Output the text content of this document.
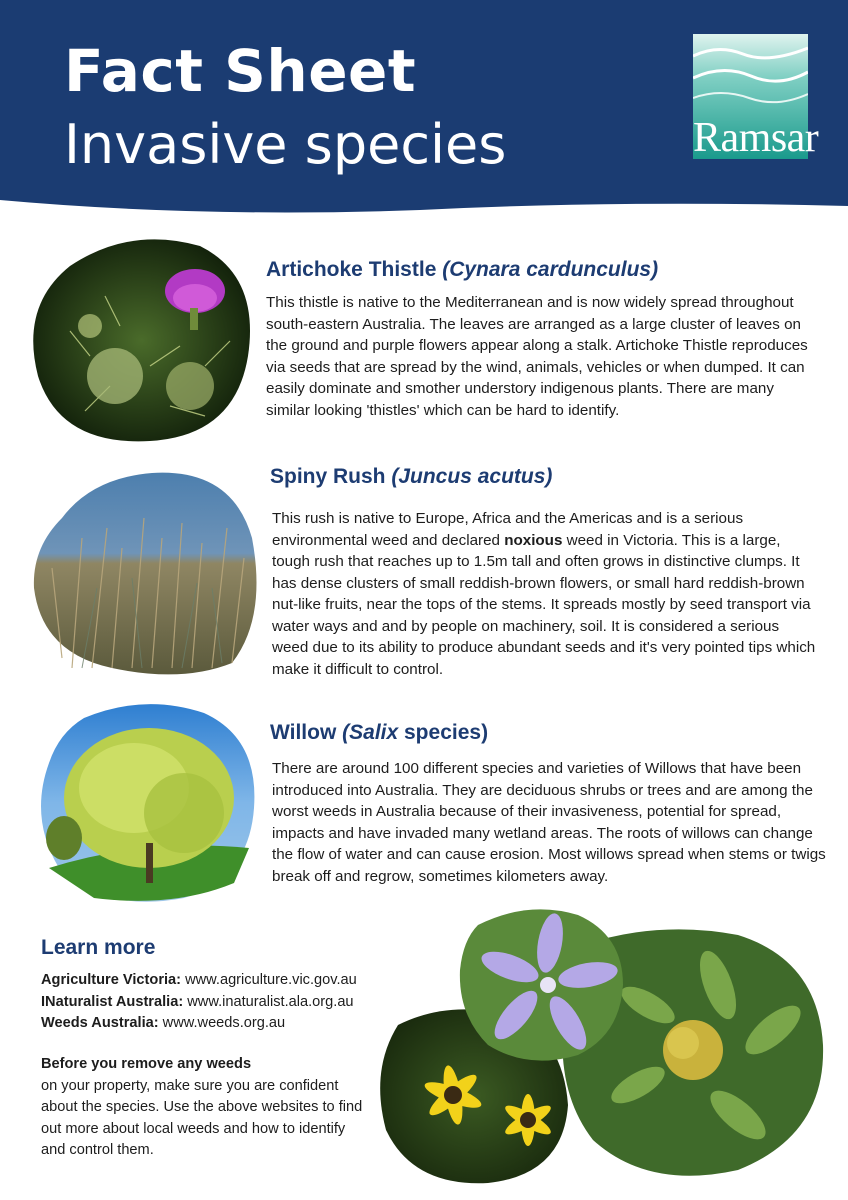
Fact Sheet
Invasive species	Ramsar
Artichoke Thistle (Cynara cardunculus)

This thistle is native to the Mediterranean and is now widely spread throughout south-eastern Australia. The leaves are arranged as a large cluster of leaves on the ground and purple flowers appear along a stalk. Artichoke Thistle reproduces via seeds that are spread by the wind, animals, vehicles or when dumped. It can easily dominate and smother understory indigenous plants. There are many similar looking 'thistles' which can be hard to identify.

Spiny Rush (Juncus acutus)

This rush is native to Europe, Africa and the Americas and is a serious environmental weed and declared noxious weed in Victoria. This is a large, tough rush that reaches up to 1.5m tall and often grows in distinctive clumps. It has dense clusters of small reddish-brown flowers, or small hard reddish-brown nut-like fruits, near the tops of the stems. It spreads mostly by seed transport via water ways and and by people on machinery, soil. It is considered a serious weed due to its ability to produce abundant seeds and it's very pointed tips which make it difficult to control.

Willow (Salix species)

There are around 100 different species and varieties of Willows that have been introduced into Australia. They are deciduous shrubs or trees and are among the worst weeds in Australia because of their invasiveness, potential for spread, impacts and have invaded many wetland areas. The roots of willows can change the flow of water and can cause erosion. Most willows spread when stems or twigs break off and regrow, sometimes kilometers away.

Learn more
Agriculture Victoria: www.agriculture.vic.gov.au
INaturalist Australia: www.inaturalist.ala.org.au
Weeds Australia: www.weeds.org.au
Before you remove any weeds
on your property, make sure you are confident about the species. Use the above websites to find out more about local weeds and how to identify and control them.
